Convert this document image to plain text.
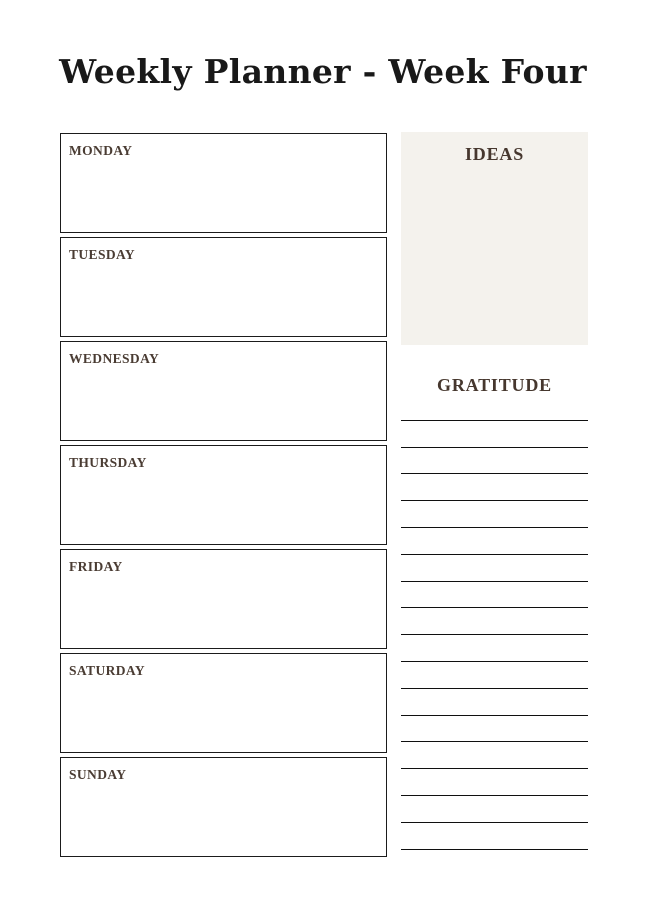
Weekly Planner - Week Four
MONDAY
TUESDAY
WEDNESDAY
THURSDAY
FRIDAY
SATURDAY
SUNDAY
IDEAS
GRATITUDE
